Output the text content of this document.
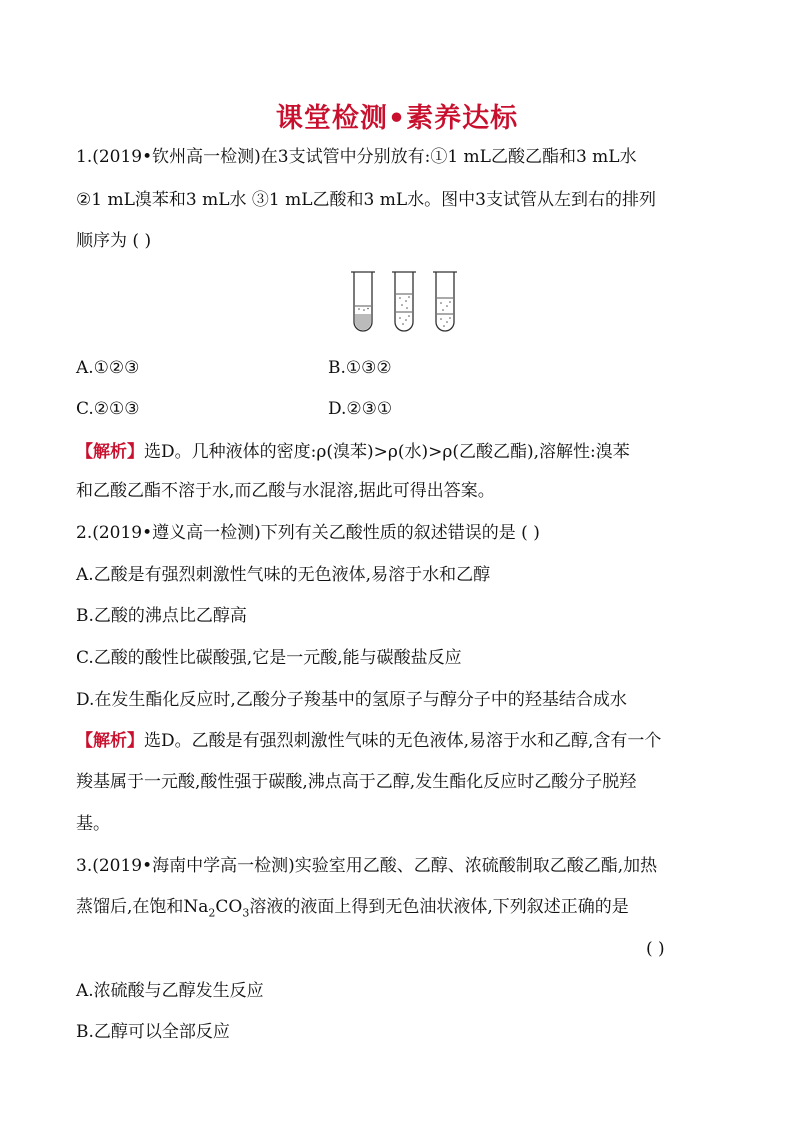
课堂检测•素养达标
1.(2019•钦州高一检测)在3支试管中分别放有:①1 mL乙酸乙酯和3 mL水
②1 mL溴苯和3 mL水 ③1 mL乙酸和3 mL水。图中3支试管从左到右的排列
顺序为 ( )
A.①②③	B.①③②
C.②①③	D.②③①
【解析】选D。几种液体的密度:ρ(溴苯)>ρ(水)>ρ(乙酸乙酯),溶解性:溴苯
和乙酸乙酯不溶于水,而乙酸与水混溶,据此可得出答案。
2.(2019•遵义高一检测)下列有关乙酸性质的叙述错误的是 ( )
A.乙酸是有强烈刺激性气味的无色液体,易溶于水和乙醇
B.乙酸的沸点比乙醇高
C.乙酸的酸性比碳酸强,它是一元酸,能与碳酸盐反应
D.在发生酯化反应时,乙酸分子羧基中的氢原子与醇分子中的羟基结合成水
【解析】选D。乙酸是有强烈刺激性气味的无色液体,易溶于水和乙醇,含有一个
羧基属于一元酸,酸性强于碳酸,沸点高于乙醇,发生酯化反应时乙酸分子脱羟
基。
3.(2019•海南中学高一检测)实验室用乙酸、乙醇、浓硫酸制取乙酸乙酯,加热
蒸馏后,在饱和$Na_2CO_3$溶液的液面上得到无色油状液体,下列叙述正确的是
( )
A.浓硫酸与乙醇发生反应
B.乙醇可以全部反应
